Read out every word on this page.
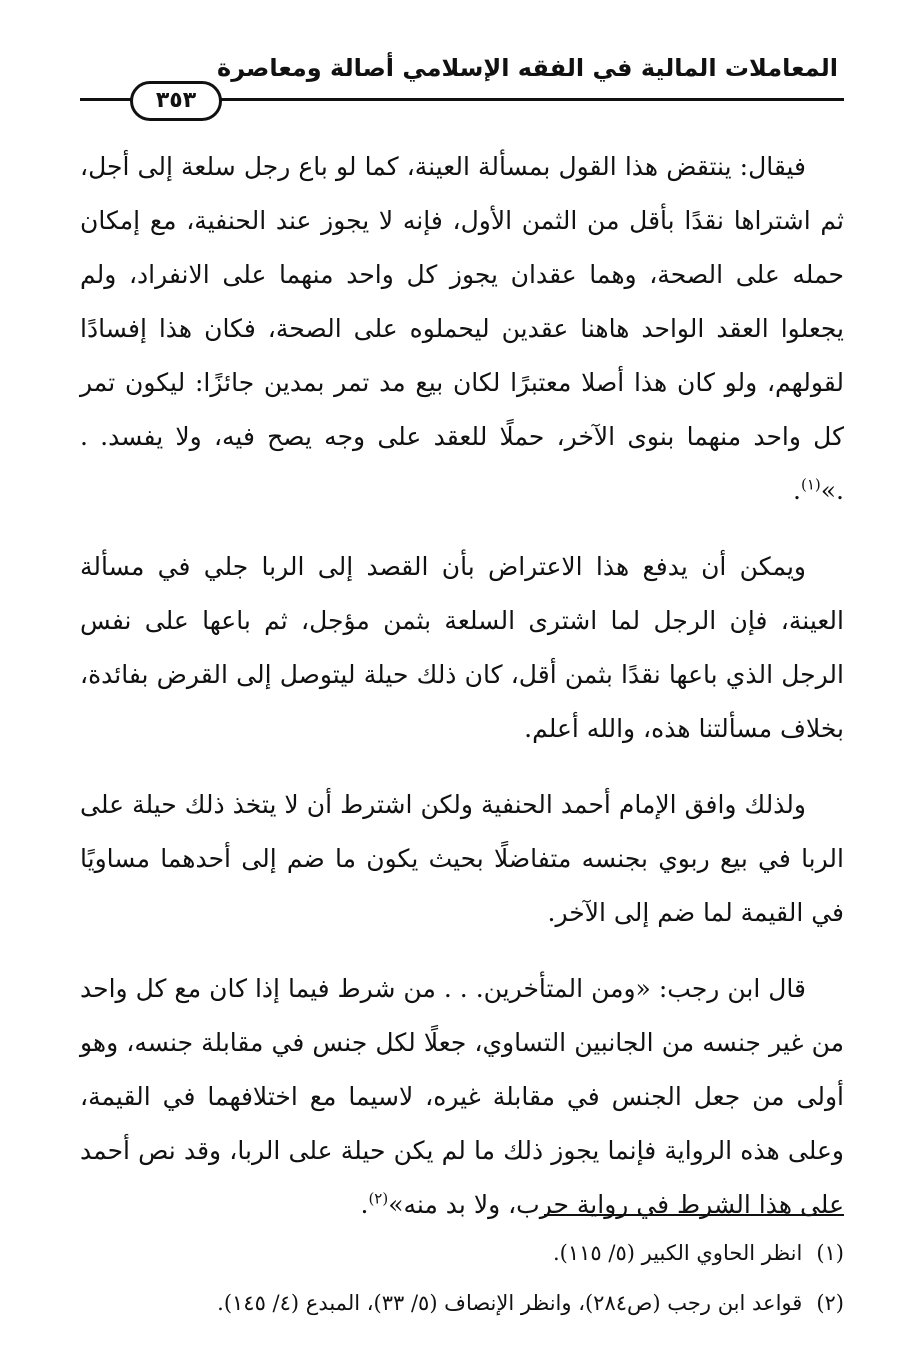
المعاملات المالية في الفقه الإسلامي أصالة ومعاصرة
٣٥٣

فيقال: ينتقض هذا القول بمسألة العينة، كما لو باع رجل سلعة إلى أجل، ثم اشتراها نقدًا بأقل من الثمن الأول، فإنه لا يجوز عند الحنفية، مع إمكان حمله على الصحة، وهما عقدان يجوز كل واحد منهما على الانفراد، ولم يجعلوا العقد الواحد هاهنا عقدين ليحملوه على الصحة، فكان هذا إفسادًا لقولهم، ولو كان هذا أصلا معتبرًا لكان بيع مد تمر بمدين جائزًا: ليكون تمر كل واحد منهما بنوى الآخر، حملًا للعقد على وجه يصح فيه، ولا يفسد. . .»$^{(١)}$.

ويمكن أن يدفع هذا الاعتراض بأن القصد إلى الربا جلي في مسألة العينة، فإن الرجل لما اشترى السلعة بثمن مؤجل، ثم باعها على نفس الرجل الذي باعها نقدًا بثمن أقل، كان ذلك حيلة ليتوصل إلى القرض بفائدة، بخلاف مسألتنا هذه، والله أعلم.

ولذلك وافق الإمام أحمد الحنفية ولكن اشترط أن لا يتخذ ذلك حيلة على الربا في بيع ربوي بجنسه متفاضلًا بحيث يكون ما ضم إلى أحدهما مساويًا في القيمة لما ضم إلى الآخر.

قال ابن رجب: «ومن المتأخرين. . . من شرط فيما إذا كان مع كل واحد من غير جنسه من الجانبين التساوي، جعلًا لكل جنس في مقابلة جنسه، وهو أولى من جعل الجنس في مقابلة غيره، لاسيما مع اختلافهما في القيمة، وعلى هذه الرواية فإنما يجوز ذلك ما لم يكن حيلة على الربا، وقد نص أحمد على هذا الشرط في رواية حرب، ولا بد منه»$^{(٢)}$.

(١)انظر الحاوي الكبير (٥/ ١١٥).
(٢)قواعد ابن رجب (ص٢٨٤)، وانظر الإنصاف (٥/ ٣٣)، المبدع (٤/ ١٤٥).
